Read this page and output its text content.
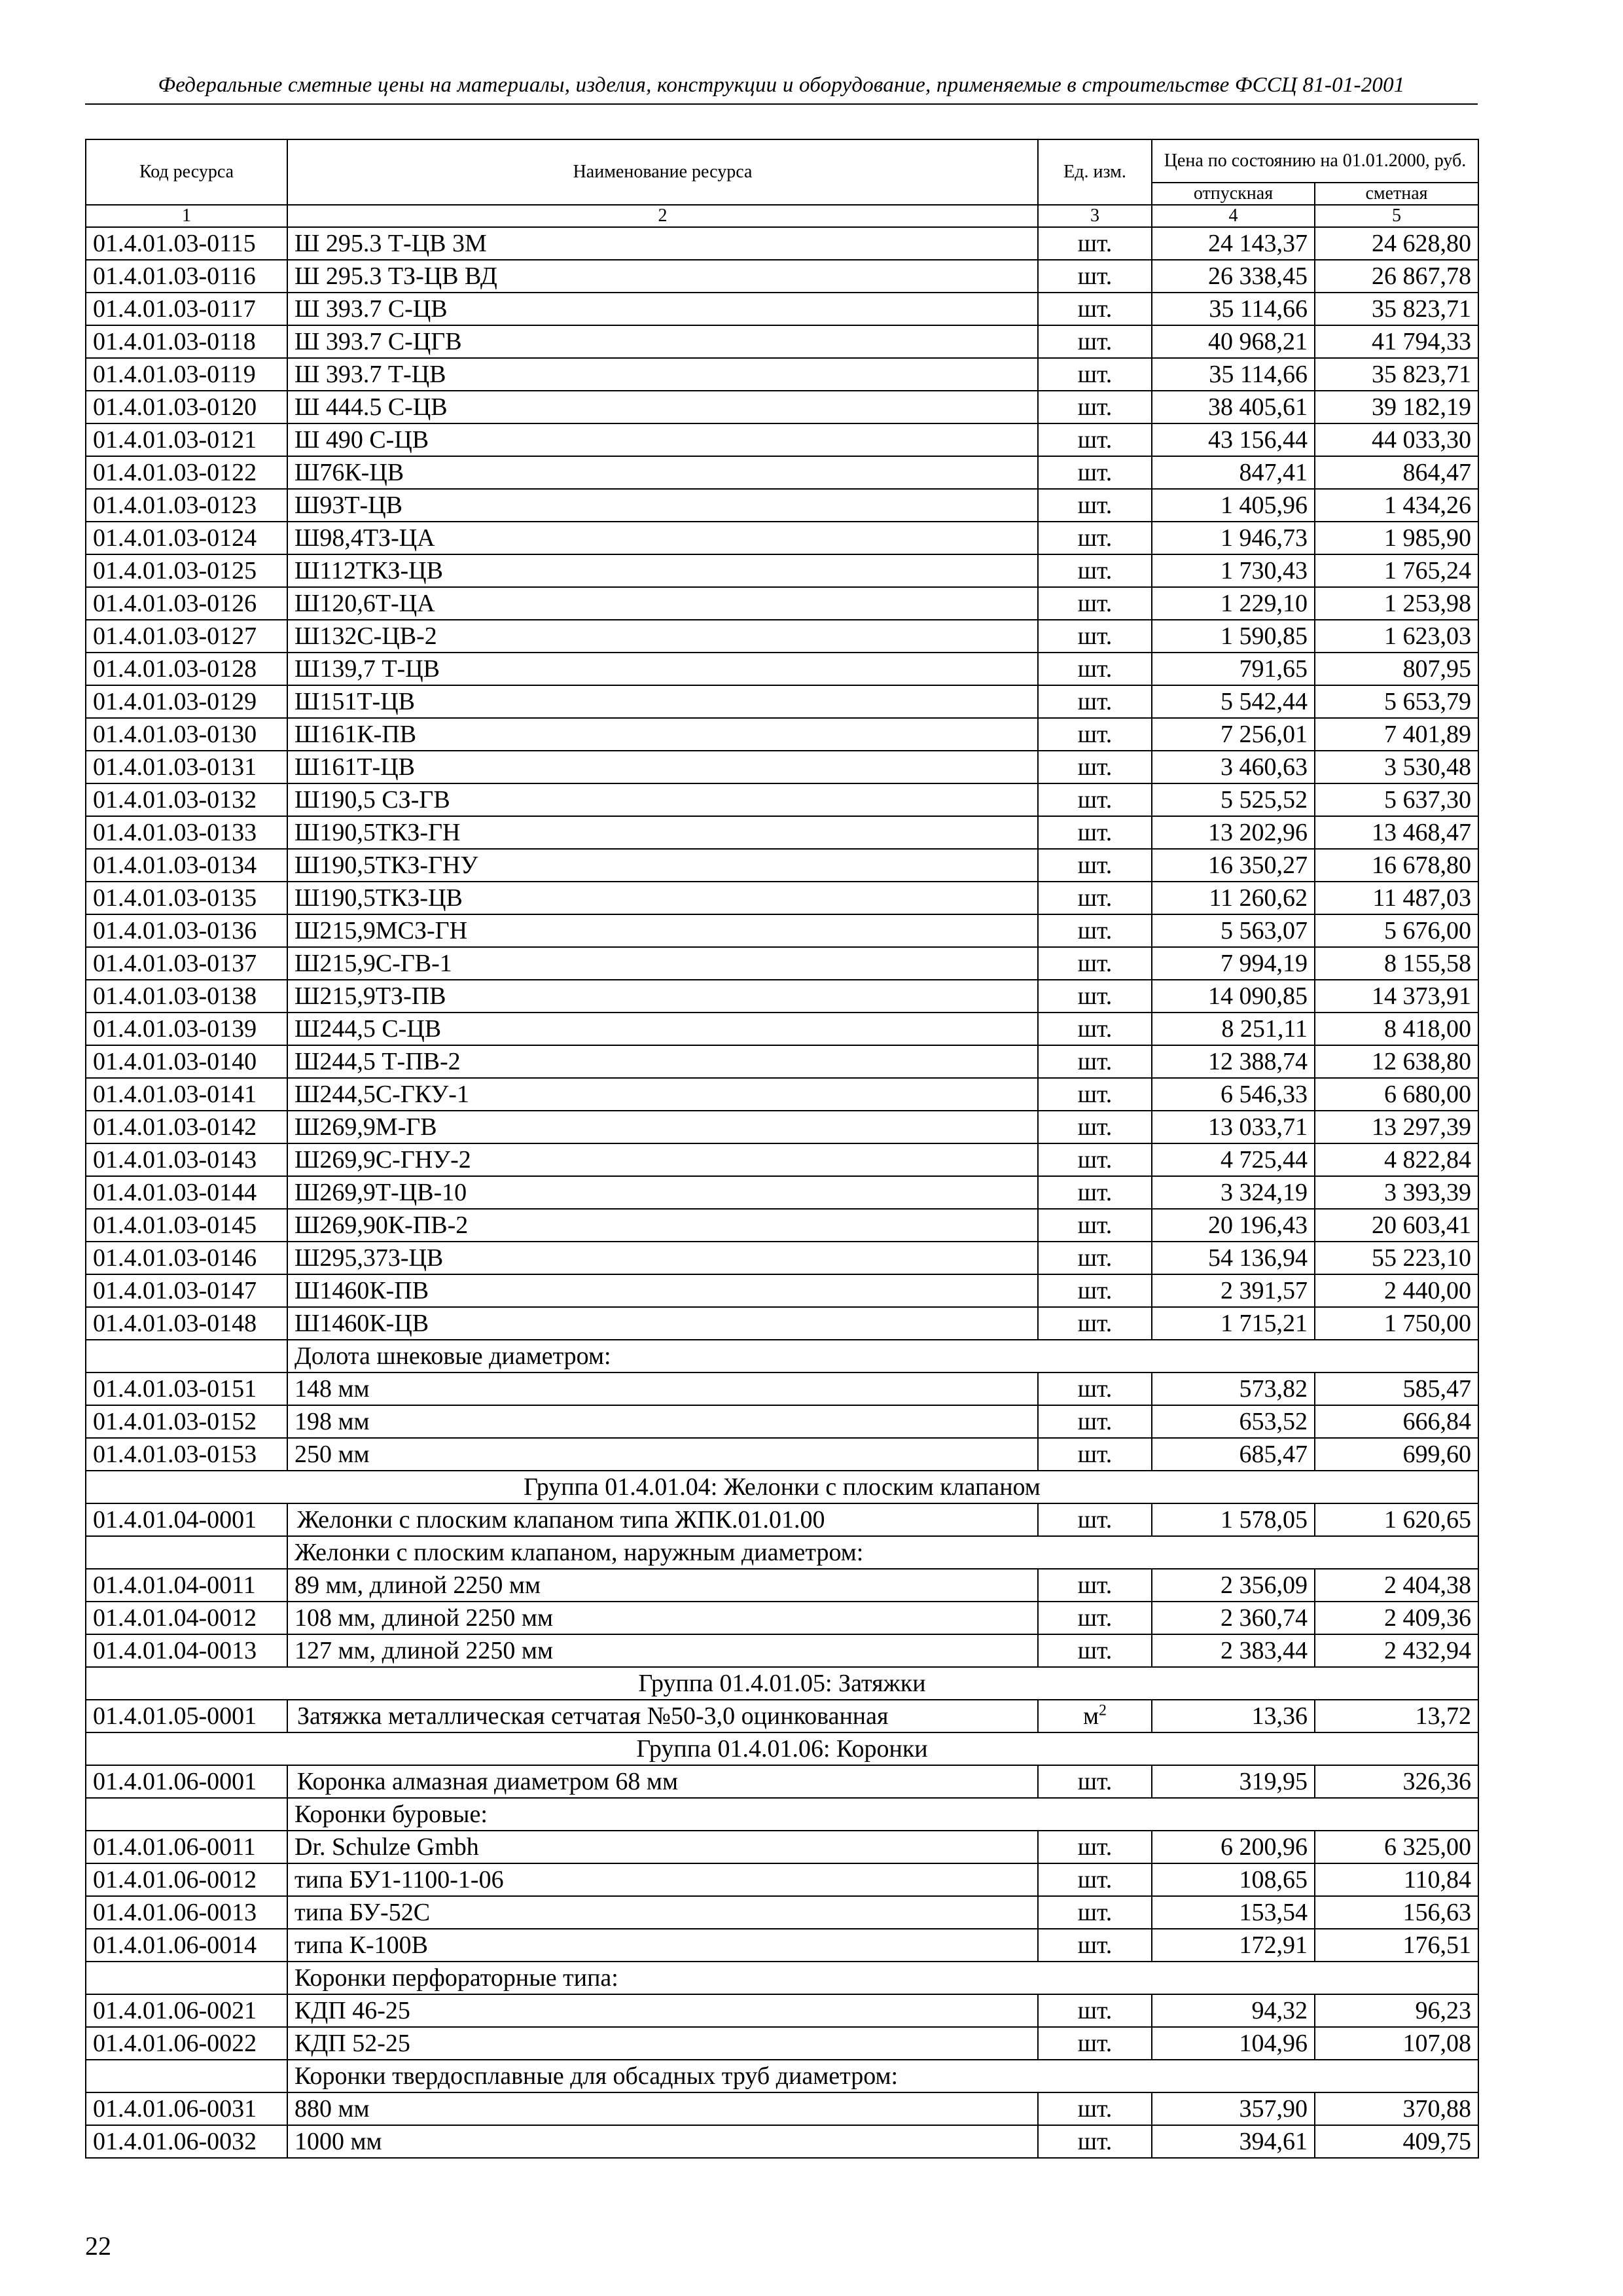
Федеральные сметные цены на материалы, изделия, конструкции и оборудование, применяемые в строительстве ФССЦ 81-01-2001
Код ресурса	Наименование ресурса	Ед. изм.	Цена по состоянию на 01.01.2000, руб.	
			отпускная	сметная
1	2	3	4	5
01.4.01.03-0115	Ш 295.3 Т-ЦВ 3М	шт.	24 143,37	24 628,80
01.4.01.03-0116	Ш 295.3 ТЗ-ЦВ ВД	шт.	26 338,45	26 867,78
01.4.01.03-0117	Ш 393.7 С-ЦВ	шт.	35 114,66	35 823,71
01.4.01.03-0118	Ш 393.7 С-ЦГВ	шт.	40 968,21	41 794,33
01.4.01.03-0119	Ш 393.7 Т-ЦВ	шт.	35 114,66	35 823,71
01.4.01.03-0120	Ш 444.5 С-ЦВ	шт.	38 405,61	39 182,19
01.4.01.03-0121	Ш 490 С-ЦВ	шт.	43 156,44	44 033,30
01.4.01.03-0122	Ш76К-ЦВ	шт.	847,41	864,47
01.4.01.03-0123	Ш93Т-ЦВ	шт.	1 405,96	1 434,26
01.4.01.03-0124	Ш98,4ТЗ-ЦА	шт.	1 946,73	1 985,90
01.4.01.03-0125	Ш112ТКЗ-ЦВ	шт.	1 730,43	1 765,24
01.4.01.03-0126	Ш120,6Т-ЦА	шт.	1 229,10	1 253,98
01.4.01.03-0127	Ш132С-ЦВ-2	шт.	1 590,85	1 623,03
01.4.01.03-0128	Ш139,7 Т-ЦВ	шт.	791,65	807,95
01.4.01.03-0129	Ш151Т-ЦВ	шт.	5 542,44	5 653,79
01.4.01.03-0130	Ш161К-ПВ	шт.	7 256,01	7 401,89
01.4.01.03-0131	Ш161Т-ЦВ	шт.	3 460,63	3 530,48
01.4.01.03-0132	Ш190,5 СЗ-ГВ	шт.	5 525,52	5 637,30
01.4.01.03-0133	Ш190,5ТКЗ-ГН	шт.	13 202,96	13 468,47
01.4.01.03-0134	Ш190,5ТКЗ-ГНУ	шт.	16 350,27	16 678,80
01.4.01.03-0135	Ш190,5ТКЗ-ЦВ	шт.	11 260,62	11 487,03
01.4.01.03-0136	Ш215,9МСЗ-ГН	шт.	5 563,07	5 676,00
01.4.01.03-0137	Ш215,9С-ГВ-1	шт.	7 994,19	8 155,58
01.4.01.03-0138	Ш215,9ТЗ-ПВ	шт.	14 090,85	14 373,91
01.4.01.03-0139	Ш244,5 С-ЦВ	шт.	8 251,11	8 418,00
01.4.01.03-0140	Ш244,5 Т-ПВ-2	шт.	12 388,74	12 638,80
01.4.01.03-0141	Ш244,5С-ГКУ-1	шт.	6 546,33	6 680,00
01.4.01.03-0142	Ш269,9М-ГВ	шт.	13 033,71	13 297,39
01.4.01.03-0143	Ш269,9С-ГНУ-2	шт.	4 725,44	4 822,84
01.4.01.03-0144	Ш269,9Т-ЦВ-10	шт.	3 324,19	3 393,39
01.4.01.03-0145	Ш269,90К-ПВ-2	шт.	20 196,43	20 603,41
01.4.01.03-0146	Ш295,373-ЦВ	шт.	54 136,94	55 223,10
01.4.01.03-0147	Ш1460К-ПВ	шт.	2 391,57	2 440,00
01.4.01.03-0148	Ш1460К-ЦВ	шт.	1 715,21	1 750,00
	Долота шнековые диаметром:			
01.4.01.03-0151	148 мм	шт.	573,82	585,47
01.4.01.03-0152	198 мм	шт.	653,52	666,84
01.4.01.03-0153	250 мм	шт.	685,47	699,60
Группа 01.4.01.04: Желонки с плоским клапаном				
01.4.01.04-0001	Желонки с плоским клапаном типа ЖПК.01.01.00	шт.	1 578,05	1 620,65
	Желонки с плоским клапаном, наружным диаметром:			
01.4.01.04-0011	89 мм, длиной 2250 мм	шт.	2 356,09	2 404,38
01.4.01.04-0012	108 мм, длиной 2250 мм	шт.	2 360,74	2 409,36
01.4.01.04-0013	127 мм, длиной 2250 мм	шт.	2 383,44	2 432,94
Группа 01.4.01.05: Затяжки				
01.4.01.05-0001	Затяжка металлическая сетчатая №50-3,0 оцинкованная	$м^2$	13,36	13,72
Группа 01.4.01.06: Коронки				
01.4.01.06-0001	Коронка алмазная диаметром 68 мм	шт.	319,95	326,36
	Коронки буровые:			
01.4.01.06-0011	Dr. Schulze Gmbh	шт.	6 200,96	6 325,00
01.4.01.06-0012	типа БУ1-1100-1-06	шт.	108,65	110,84
01.4.01.06-0013	типа БУ-52С	шт.	153,54	156,63
01.4.01.06-0014	типа К-100В	шт.	172,91	176,51
	Коронки перфораторные типа:			
01.4.01.06-0021	КДП 46-25	шт.	94,32	96,23
01.4.01.06-0022	КДП 52-25	шт.	104,96	107,08
	Коронки твердосплавные для обсадных труб диаметром:			
01.4.01.06-0031	880 мм	шт.	357,90	370,88
01.4.01.06-0032	1000 мм	шт.	394,61	409,75
22
